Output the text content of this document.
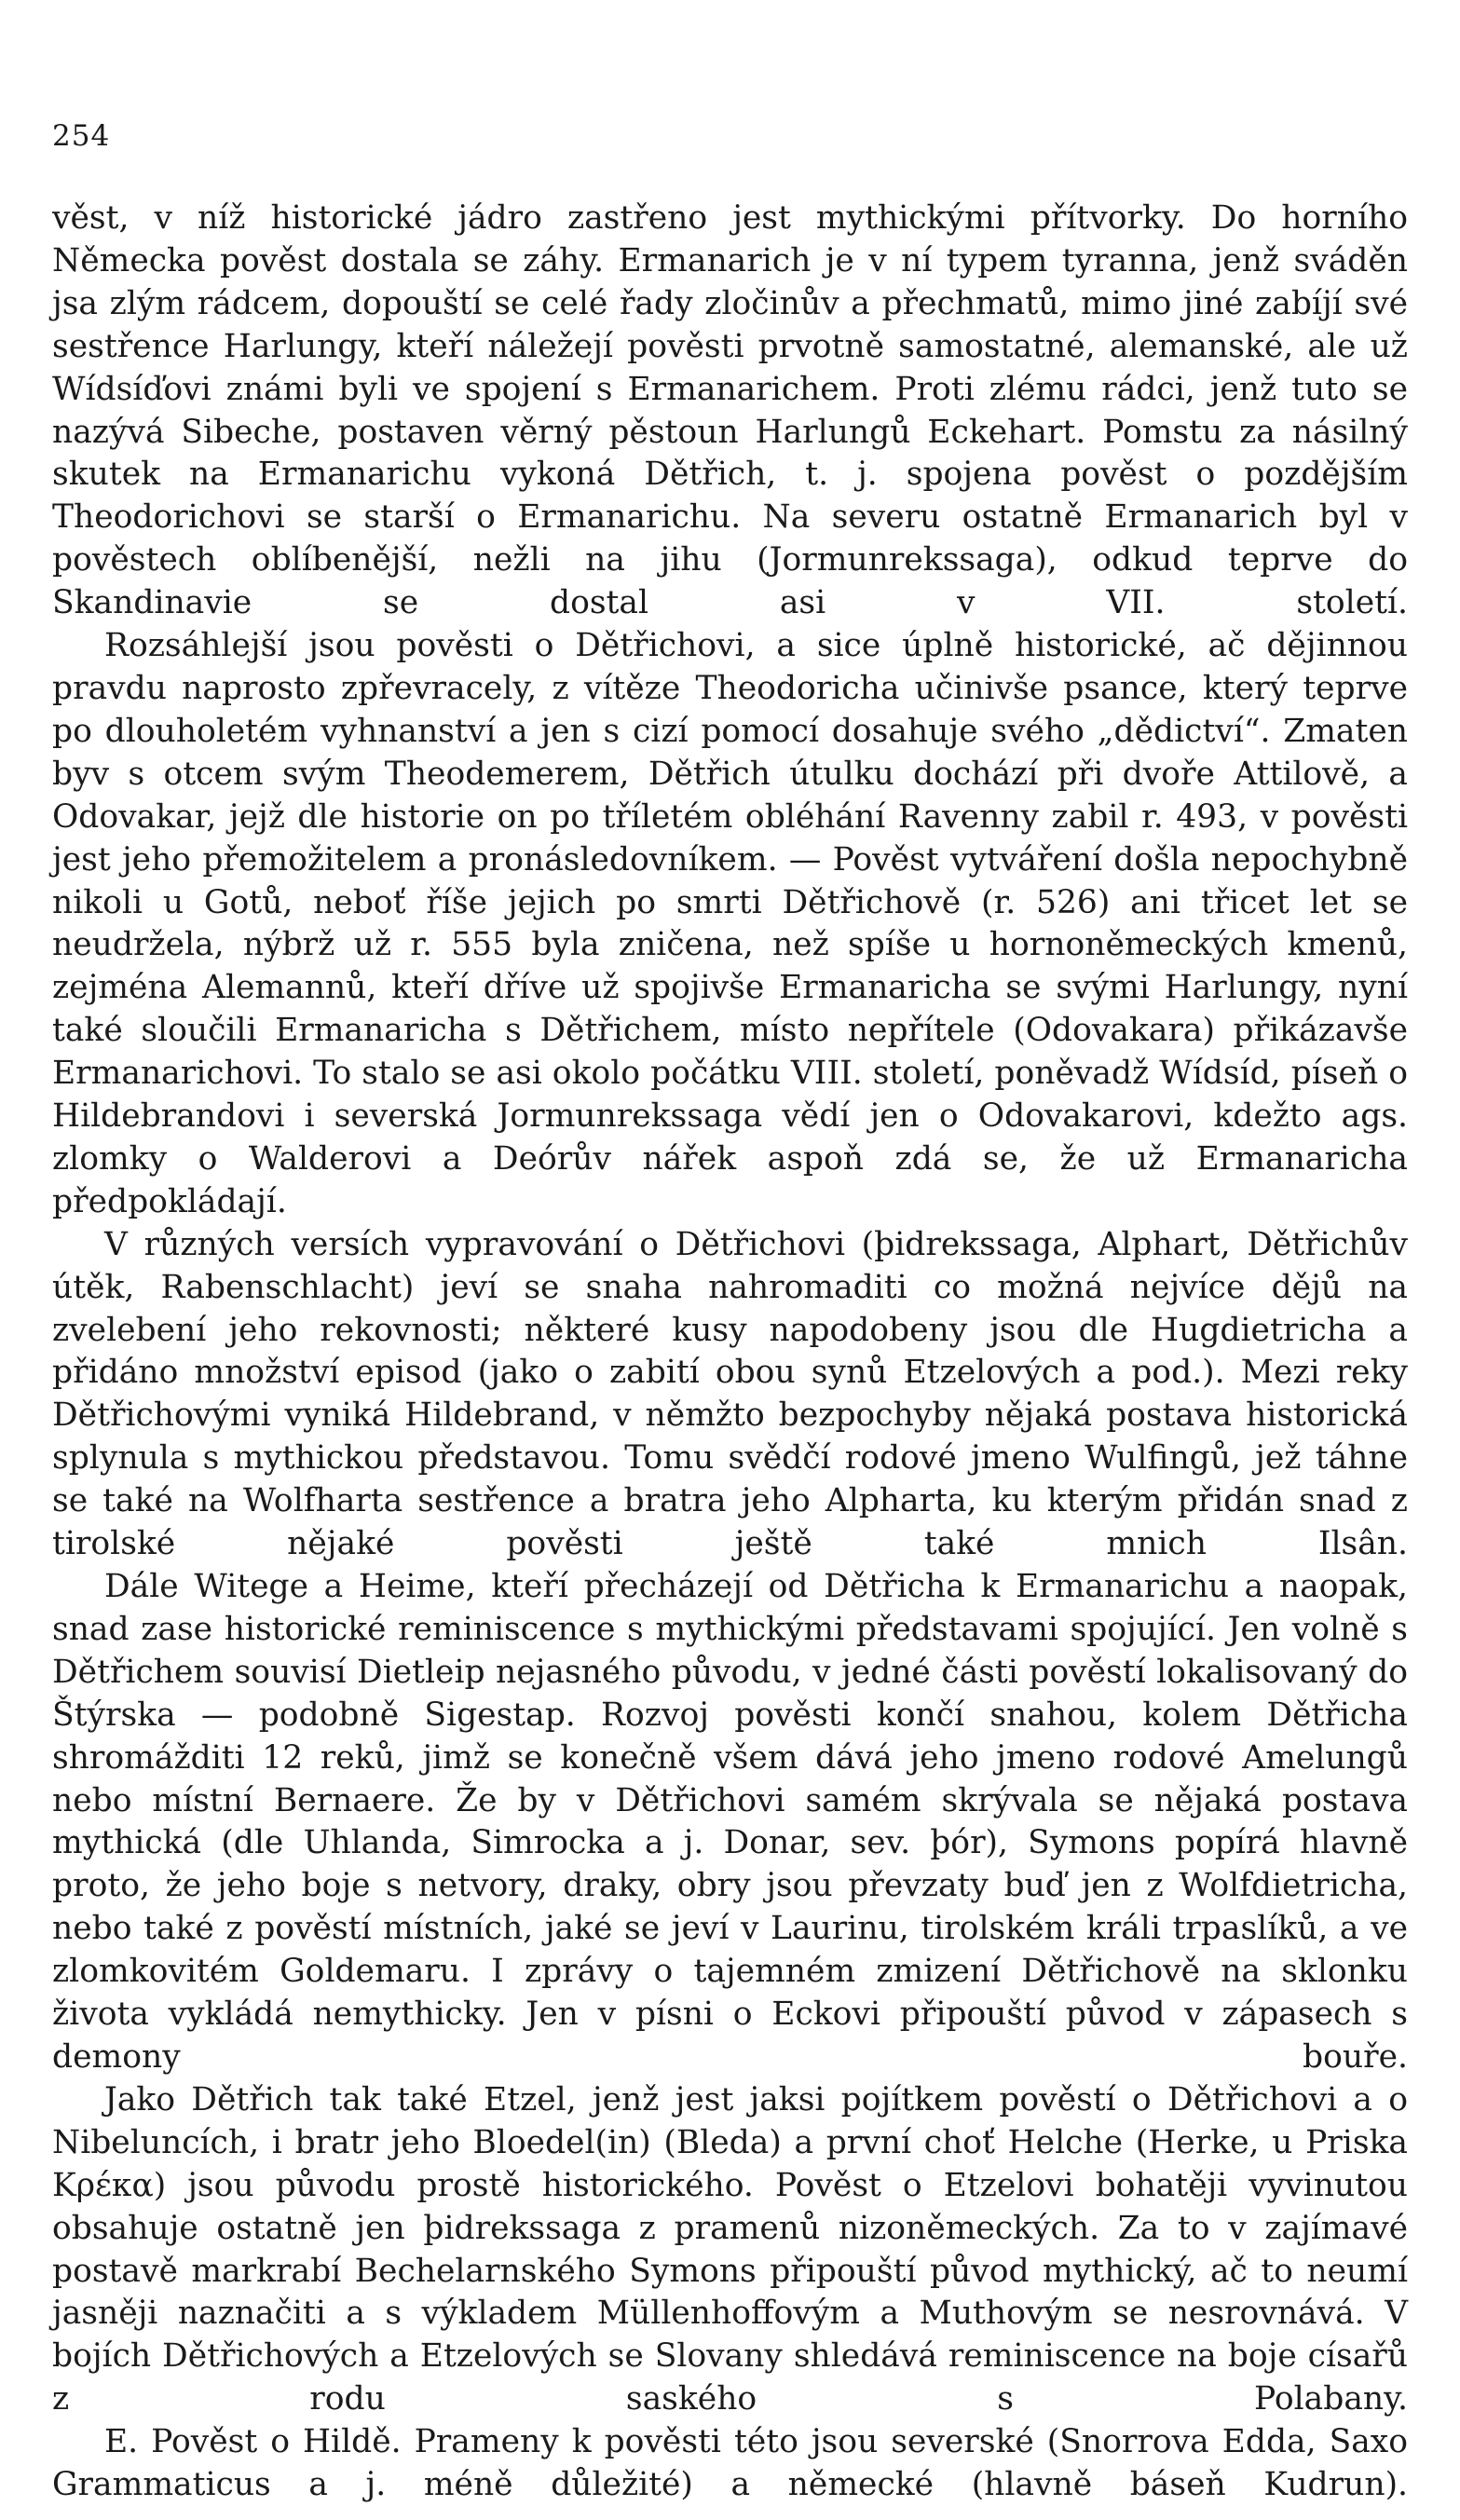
254

věst, v níž historické jádro zastřeno jest mythickými přítvorky. Do horního Německa pověst dostala se záhy. Ermanarich je v ní typem tyranna, jenž sváděn jsa zlým rádcem, dopouští se celé řady zločinův a přechmatů, mimo jiné zabíjí své sestřence Harlungy, kteří náležejí pověsti prvotně samostatné, alemanské, ale už Wídsíďovi známi byli ve spojení s Ermanarichem. Proti zlému rádci, jenž tuto se nazývá Sibeche, postaven věrný pěstoun Harlungů Eckehart. Pomstu za násilný skutek na Ermanarichu vykoná Dětřich, t. j. spojena pověst o pozdějším Theodorichovi se starší o Ermanarichu. Na severu ostatně Ermanarich byl v pověstech oblíbenější, nežli na jihu (Jormunrekssaga), odkud teprve do Skandinavie se dostal asi v VII. století.

Rozsáhlejší jsou pověsti o Dětřichovi, a sice úplně historické, ač dějinnou pravdu naprosto zpřevracely, z vítěze Theodoricha učinivše psance, který teprve po dlouholetém vyhnanství a jen s cizí pomocí dosahuje svého „dědictví“. Zmaten byv s otcem svým Theodemerem, Dětřich útulku dochází při dvoře Attilově, a Odovakar, jejž dle historie on po tříletém obléhání Ravenny zabil r. 493, v pověsti jest jeho přemožitelem a pronásledovníkem. — Pověst vytváření došla nepochybně nikoli u Gotů, neboť říše jejich po smrti Dětřichově (r. 526) ani třicet let se neudržela, nýbrž už r. 555 byla zničena, než spíše u hornoněmeckých kmenů, zejména Alemannů, kteří dříve už spojivše Ermanaricha se svými Harlungy, nyní také sloučili Ermanaricha s Dětřichem, místo nepřítele (Odovakara) přikázavše Ermanarichovi. To stalo se asi okolo počátku VIII. století, poněvadž Wídsíd, píseň o Hildebrandovi i severská Jormunrekssaga vědí jen o Odovakarovi, kdežto ags. zlomky o Walderovi a Deórův nářek aspoň zdá se, že už Ermanaricha předpokládají.

V různých versích vypravování o Dětřichovi (þidrekssaga, Alphart, Dětřichův útěk, Rabenschlacht) jeví se snaha nahromaditi co možná nejvíce dějů na zvelebení jeho rekovnosti; některé kusy napodobeny jsou dle Hugdietricha a přidáno množství episod (jako o zabití obou synů Etzelových a pod.). Mezi reky Dětřichovými vyniká Hildebrand, v němžto bezpochyby nějaká postava historická splynula s mythickou představou. Tomu svědčí rodové jmeno Wulfingů, jež táhne se také na Wolfharta sestřence a bratra jeho Alpharta, ku kterým přidán snad z tirolské nějaké pověsti ještě také mnich Ilsân.

Dále Witege a Heime, kteří přecházejí od Dětřicha k Ermanarichu a naopak, snad zase historické reminiscence s mythickými představami spojující. Jen volně s Dětřichem souvisí Dietleip nejasného původu, v jedné části pověstí lokalisovaný do Štýrska — podobně Sigestap. Rozvoj pověsti končí snahou, kolem Dětřicha shromážditi 12 reků, jimž se konečně všem dává jeho jmeno rodové Amelungů nebo místní Bernaere. Že by v Dětřichovi samém skrývala se nějaká postava mythická (dle Uhlanda, Simrocka a j. Donar, sev. þór), Symons popírá hlavně proto, že jeho boje s netvory, draky, obry jsou převzaty buď jen z Wolfdietricha, nebo také z pověstí místních, jaké se jeví v Laurinu, tirolském králi trpaslíků, a ve zlomkovitém Goldemaru. I zprávy o tajemném zmizení Dětřichově na sklonku života vykládá nemythicky. Jen v písni o Eckovi připouští původ v zápasech s demony bouře.

Jako Dětřich tak také Etzel, jenž jest jaksi pojítkem pověstí o Dětřichovi a o Nibeluncích, i bratr jeho Bloedel(in) (Bleda) a první choť Helche (Herke, u Priska Κρέκα) jsou původu prostě historického. Pověst o Etzelovi bohatěji vyvinutou obsahuje ostatně jen þidrekssaga z pramenů nizoněmeckých. Za to v zajímavé postavě markrabí Bechelarnského Symons připouští původ mythický, ač to neumí jasněji naznačiti a s výkladem Müllenhoffovým a Muthovým se nesrovnává. V bojích Dětřichových a Etzelových se Slovany shledává reminiscence na boje císařů z rodu saského s Polabany.

E. Pověst o Hildě. Prameny k pověsti této jsou severské (Snorrova Edda, Saxo Grammaticus a j. méně důležité) a německé (hlavně báseň Kudrun).
